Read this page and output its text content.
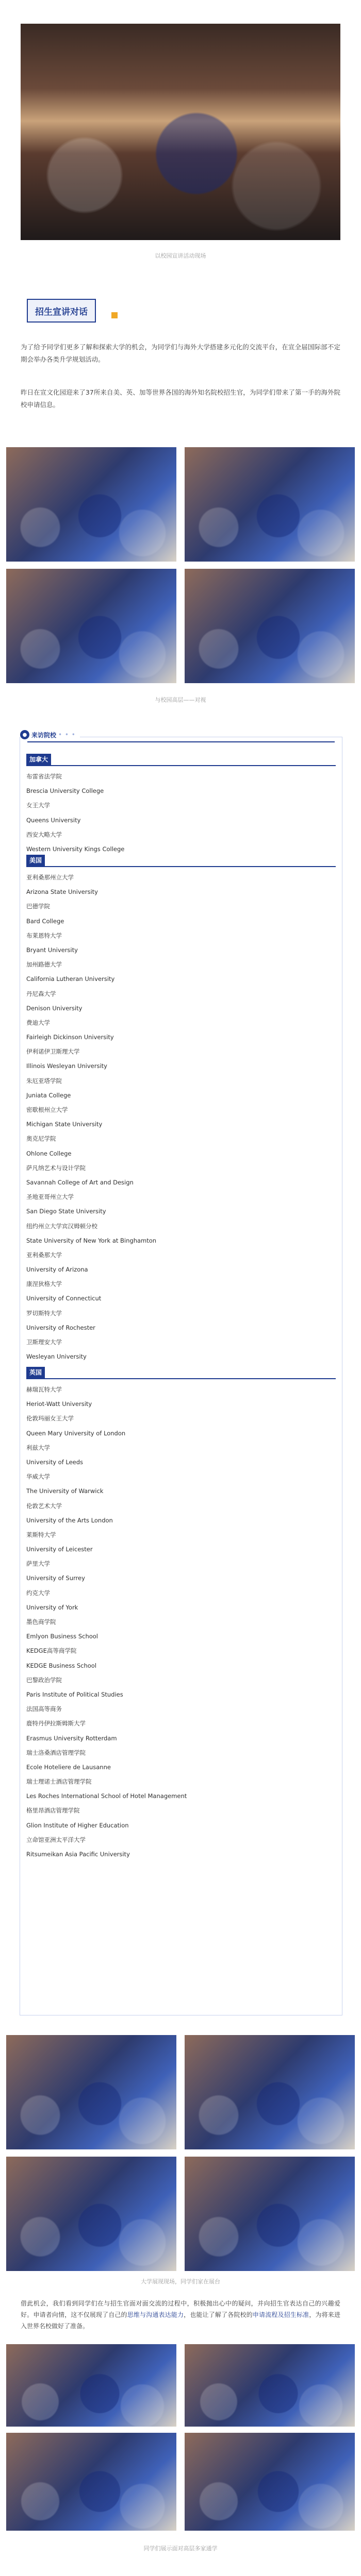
以校园宣讲活动现场
招生宣讲对话

为了给予同学们更多了解和探索大学的机会，为同学们与海外大学搭建多元化的交流平台，在宣全届国际部不定期会举办各类升学规划活动。

昨日在宣文化园迎来了37所来自美、英、加等世界各国的海外知名院校招生官，为同学们带来了第一手的海外院校申请信息。

与校园高层——对视
● 来访院校 • • •
加拿大
布雷省法学院
Brescia University College
女王大学
Queens University
西安大略大学
Western University Kings College
美国
亚利桑那州立大学
Arizona State University
巴德学院
Bard College
布莱恩特大学
Bryant University
加州路德大学
California Lutheran University
丹尼森大学
Denison University
费迪大学
Fairleigh Dickinson University
伊利诺伊卫斯理大学
Illinois Wesleyan University
朱厄亚塔学院
Juniata College
密歇根州立大学
Michigan State University
奥克尼学院
Ohlone College
萨凡纳艺术与设计学院
Savannah College of Art and Design
圣地亚哥州立大学
San Diego State University
纽约州立大学宾汉姆顿分校
State University of New York at Binghamton
亚利桑那大学
University of Arizona
康涅狄格大学
University of Connecticut
罗切斯特大学
University of Rochester
卫斯理安大学
Wesleyan University
英国
赫瑞瓦特大学
Heriot-Watt University
伦敦玛丽女王大学
Queen Mary University of London
利兹大学
University of Leeds
华威大学
The University of Warwick
伦敦艺术大学
University of the Arts London
莱斯特大学
University of Leicester
萨里大学
University of Surrey
约克大学
University of York
墨色商学院
Emlyon Business School
KEDGE高等商学院
KEDGE Business School
巴黎政治学院
Paris Institute of Political Studies
法国高等商务
鹿特丹伊拉斯姆斯大学
Erasmus University Rotterdam
瑞士洛桑酒店管理学院
Ecole Hoteliere de Lausanne
瑞士理诺士酒店管理学院
Les Roches International School of Hotel Management
格里昂酒店管理学院
Glion Institute of Higher Education
立命馆亚洲太平洋大学
Ritsumeikan Asia Pacific University
大学展现现场，同学们家在展台

借此机会，我们看到同学们在与招生官面对面交流的过程中，积极抛出心中的疑问，并向招生官表达自己的兴趣爱好。申请者向情，这不仅展现了自己的思维与沟通表达能力，也能让了解了各院校的申请流程及招生标准，为将来进入世界名校做好了准备。

同学们展示面对高层多家通学
